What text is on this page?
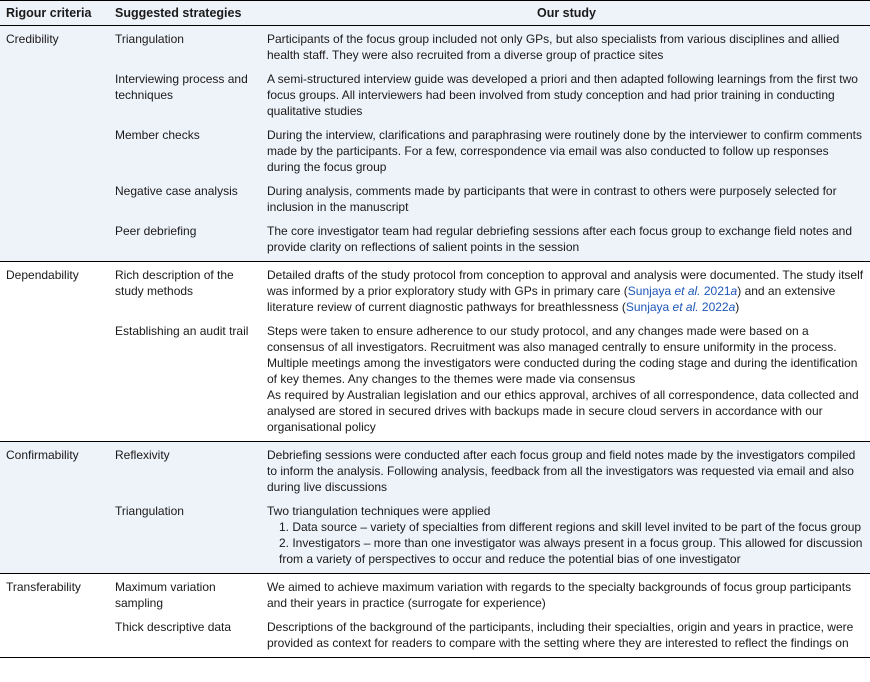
Rigour criteria	Suggested strategies	Our study
Credibility	Triangulation	Participants of the focus group included not only GPs, but also specialists from various disciplines and allied health staff. They were also recruited from a diverse group of practice sites
	Interviewing process and techniques	A semi-structured interview guide was developed a priori and then adapted following learnings from the first two focus groups. All interviewers had been involved from study conception and had prior training in conducting qualitative studies
	Member checks	During the interview, clarifications and paraphrasing were routinely done by the interviewer to confirm comments made by the participants. For a few, correspondence via email was also conducted to follow up responses during the focus group
	Negative case analysis	During analysis, comments made by participants that were in contrast to others were purposely selected for inclusion in the manuscript
	Peer debriefing	The core investigator team had regular debriefing sessions after each focus group to exchange field notes and provide clarity on reflections of salient points in the session
Dependability	Rich description of the study methods	Detailed drafts of the study protocol from conception to approval and analysis were documented. The study itself was informed by a prior exploratory study with GPs in primary care (Sunjaya et al. 2021a) and an extensive literature review of current diagnostic pathways for breathlessness (Sunjaya et al. 2022a)
	Establishing an audit trail	Steps were taken to ensure adherence to our study protocol, and any changes made were based on a consensus of all investigators. Recruitment was also managed centrally to ensure uniformity in the process.

Multiple meetings among the investigators were conducted during the coding stage and during the identification of key themes. Any changes to the themes were made via consensus

As required by Australian legislation and our ethics approval, archives of all correspondence, data collected and analysed are stored in secured drives with backups made in secure cloud servers in accordance with our organisational policy

Confirmability	Reflexivity	Debriefing sessions were conducted after each focus group and field notes made by the investigators compiled to inform the analysis. Following analysis, feedback from all the investigators was requested via email and also during live discussions
	Triangulation	Two triangulation techniques were applied

1. Data source – variety of specialties from different regions and skill level invited to be part of the focus group
2. Investigators – more than one investigator was always present in a focus group. This allowed for discussion from a variety of perspectives to occur and reduce the potential bias of one investigator

Transferability	Maximum variation sampling	We aimed to achieve maximum variation with regards to the specialty backgrounds of focus group participants and their years in practice (surrogate for experience)
	Thick descriptive data	Descriptions of the background of the participants, including their specialties, origin and years in practice, were provided as context for readers to compare with the setting where they are interested to reflect the findings on
